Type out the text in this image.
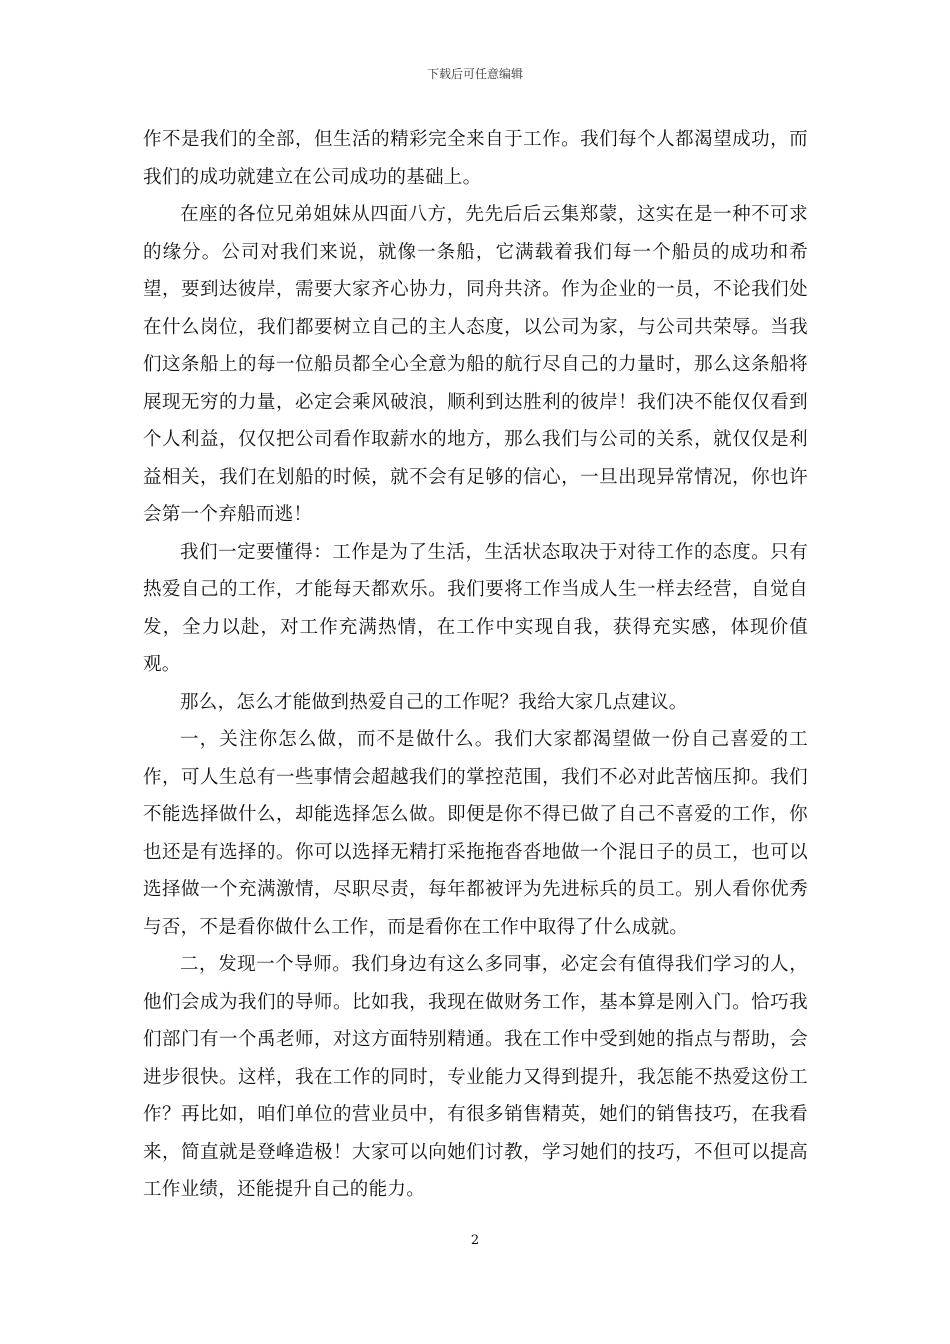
下载后可任意编辑

作不是我们的全部，但生活的精彩完全来自于工作。我们每个人都渴望成功，而我们的成功就建立在公司成功的基础上。

在座的各位兄弟姐妹从四面八方，先先后后云集郑蒙，这实在是一种不可求的缘分。公司对我们来说，就像一条船，它满载着我们每一个船员的成功和希望，要到达彼岸，需要大家齐心协力，同舟共济。作为企业的一员，不论我们处在什么岗位，我们都要树立自己的主人态度，以公司为家，与公司共荣辱。当我们这条船上的每一位船员都全心全意为船的航行尽自己的力量时，那么这条船将展现无穷的力量，必定会乘风破浪，顺利到达胜利的彼岸！我们决不能仅仅看到个人利益，仅仅把公司看作取薪水的地方，那么我们与公司的关系，就仅仅是利益相关，我们在划船的时候，就不会有足够的信心，一旦出现异常情况，你也许会第一个弃船而逃！

我们一定要懂得：工作是为了生活，生活状态取决于对待工作的态度。只有热爱自己的工作，才能每天都欢乐。我们要将工作当成人生一样去经营，自觉自发，全力以赴，对工作充满热情，在工作中实现自我，获得充实感，体现价值观。

那么，怎么才能做到热爱自己的工作呢？我给大家几点建议。

一，关注你怎么做，而不是做什么。我们大家都渴望做一份自己喜爱的工作，可人生总有一些事情会超越我们的掌控范围，我们不必对此苦恼压抑。我们不能选择做什么，却能选择怎么做。即便是你不得已做了自己不喜爱的工作，你也还是有选择的。你可以选择无精打采拖拖沓沓地做一个混日子的员工，也可以选择做一个充满激情，尽职尽责，每年都被评为先进标兵的员工。别人看你优秀与否，不是看你做什么工作，而是看你在工作中取得了什么成就。

二，发现一个导师。我们身边有这么多同事，必定会有值得我们学习的人，他们会成为我们的导师。比如我，我现在做财务工作，基本算是刚入门。恰巧我们部门有一个禹老师，对这方面特别精通。我在工作中受到她的指点与帮助，会进步很快。这样，我在工作的同时，专业能力又得到提升，我怎能不热爱这份工作？再比如，咱们单位的营业员中，有很多销售精英，她们的销售技巧，在我看来，简直就是登峰造极！大家可以向她们讨教，学习她们的技巧，不但可以提高工作业绩，还能提升自己的能力。

2
